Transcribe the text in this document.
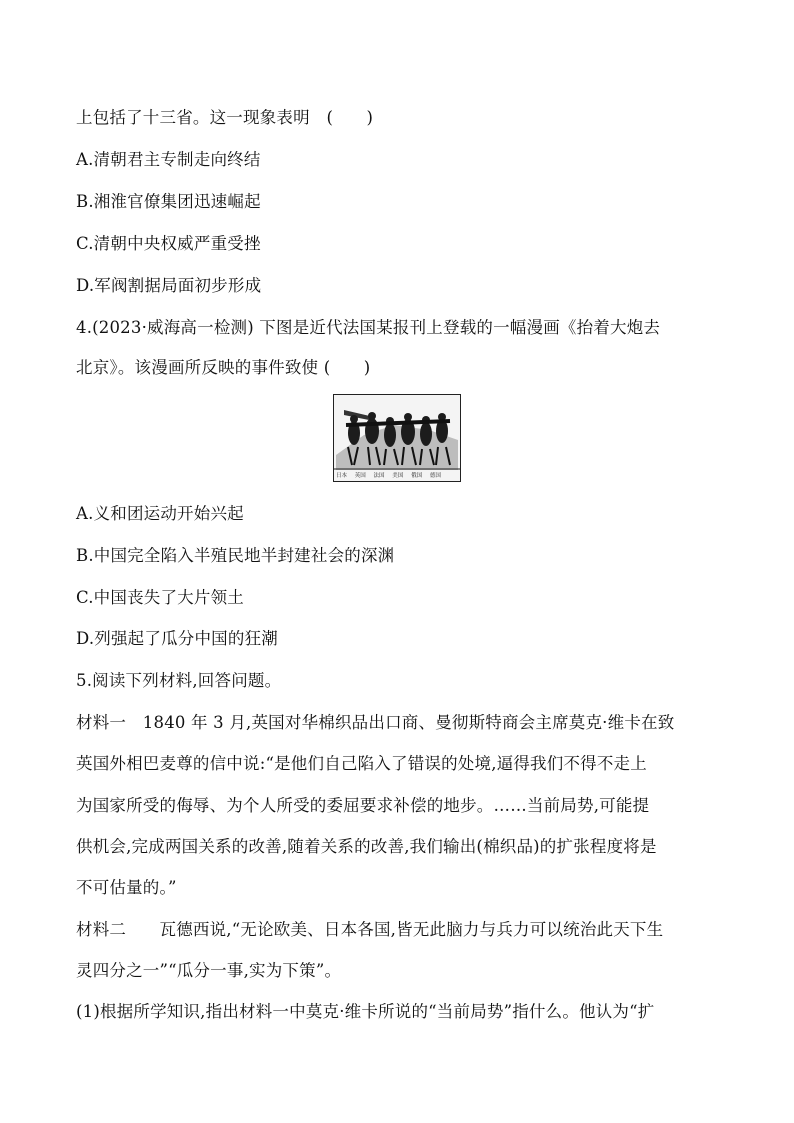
上包括了十三省。这一现象表明　(　　)
A.清朝君主专制走向终结
B.湘淮官僚集团迅速崛起
C.清朝中央权威严重受挫
D.军阀割据局面初步形成
4.(2023·威海高一检测) 下图是近代法国某报刊上登载的一幅漫画《抬着大炮去
北京》。该漫画所反映的事件致使 (　　)
日本 英国 法国 美国 俄国 德国
A.义和团运动开始兴起
B.中国完全陷入半殖民地半封建社会的深渊
C.中国丧失了大片领土
D.列强起了瓜分中国的狂潮
5.阅读下列材料,回答问题。
材料一　1840 年 3 月,英国对华棉织品出口商、曼彻斯特商会主席莫克·维卡在致
英国外相巴麦尊的信中说:“是他们自己陷入了错误的处境,逼得我们不得不走上
为国家所受的侮辱、为个人所受的委屈要求补偿的地步。……当前局势,可能提
供机会,完成两国关系的改善,随着关系的改善,我们输出(棉织品)的扩张程度将是
不可估量的。”
材料二　　瓦德西说,“无论欧美、日本各国,皆无此脑力与兵力可以统治此天下生
灵四分之一”“瓜分一事,实为下策”。
(1)根据所学知识,指出材料一中莫克·维卡所说的“当前局势”指什么。他认为“扩
